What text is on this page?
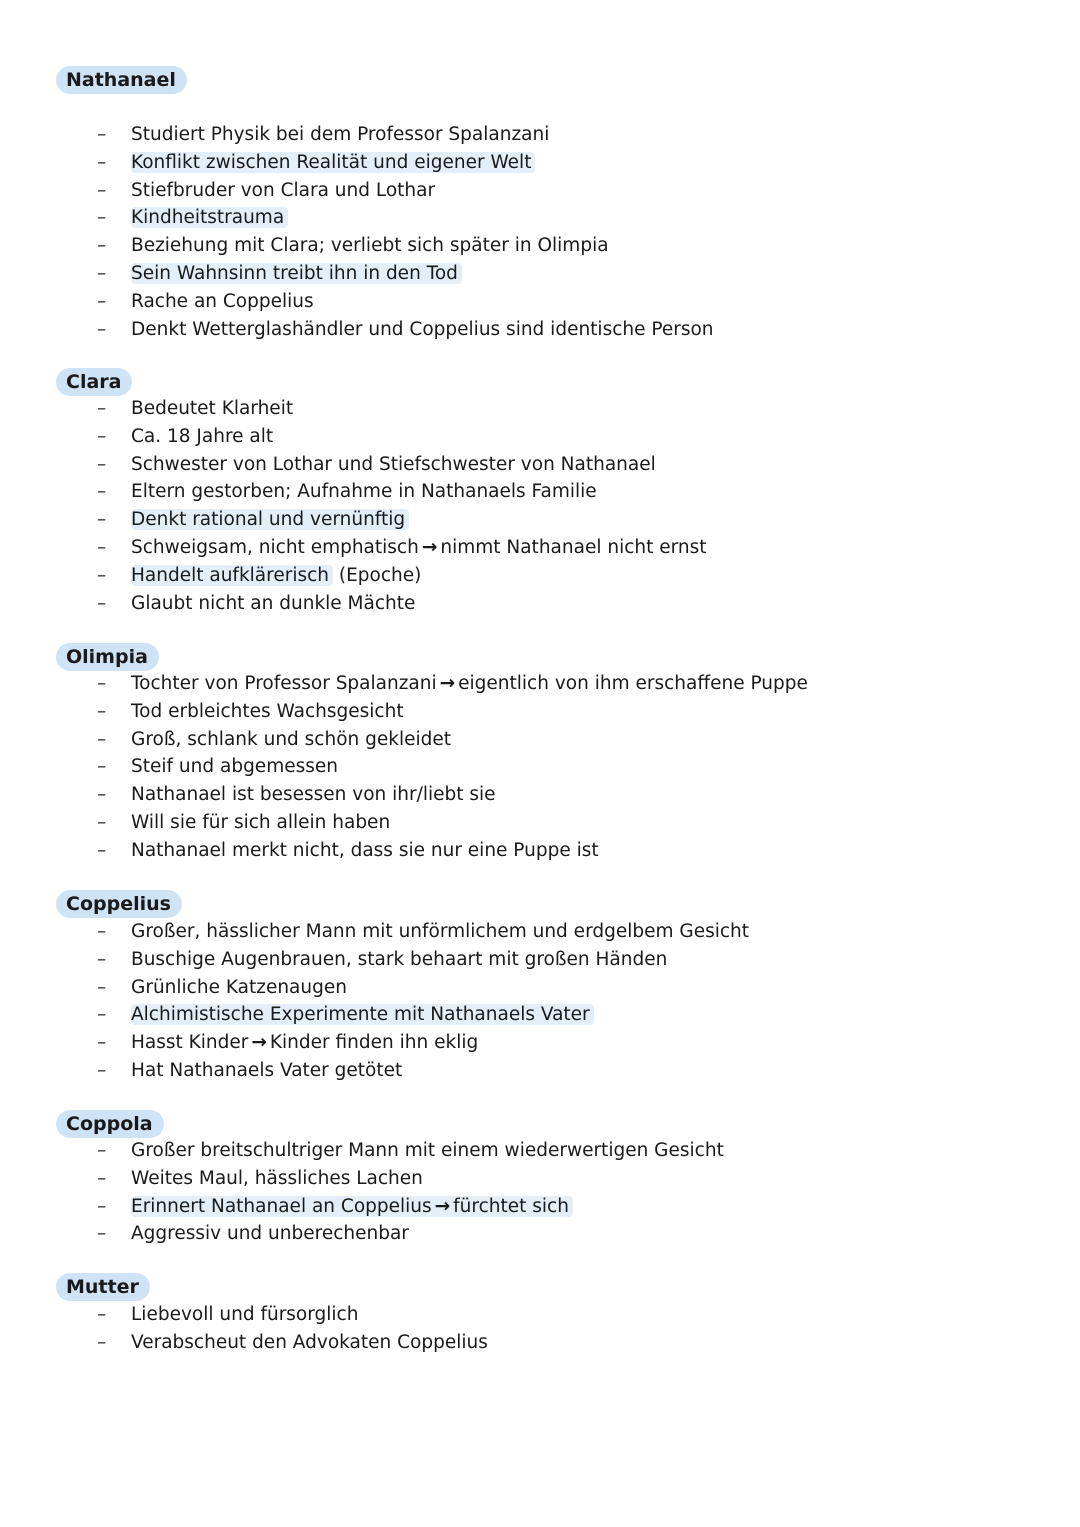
Nathanael
– Studiert Physik bei dem Professor Spalanzani
– Konflikt zwischen Realität und eigener Welt
– Stiefbruder von Clara und Lothar
– Kindheitstrauma
– Beziehung mit Clara; verliebt sich später in Olimpia
– Sein Wahnsinn treibt ihn in den Tod
– Rache an Coppelius
– Denkt Wetterglashändler und Coppelius sind identische Person
Clara
– Bedeutet Klarheit
– Ca. 18 Jahre alt
– Schwester von Lothar und Stiefschwester von Nathanael
– Eltern gestorben; Aufnahme in Nathanaels Familie
– Denkt rational und vernünftig
– Schweigsam, nicht emphatisch → nimmt Nathanael nicht ernst
– Handelt aufklärerisch (Epoche)
– Glaubt nicht an dunkle Mächte
Olimpia
– Tochter von Professor Spalanzani → eigentlich von ihm erschaffene Puppe
– Tod erbleichtes Wachsgesicht
– Groß, schlank und schön gekleidet
– Steif und abgemessen
– Nathanael ist besessen von ihr/liebt sie
– Will sie für sich allein haben
– Nathanael merkt nicht, dass sie nur eine Puppe ist
Coppelius
– Großer, hässlicher Mann mit unförmlichem und erdgelbem Gesicht
– Buschige Augenbrauen, stark behaart mit großen Händen
– Grünliche Katzenaugen
– Alchimistische Experimente mit Nathanaels Vater
– Hasst Kinder → Kinder finden ihn eklig
– Hat Nathanaels Vater getötet
Coppola
– Großer breitschultriger Mann mit einem wiederwertigen Gesicht
– Weites Maul, hässliches Lachen
– Erinnert Nathanael an Coppelius → fürchtet sich
– Aggressiv und unberechenbar
Mutter
– Liebevoll und fürsorglich
– Verabscheut den Advokaten Coppelius
